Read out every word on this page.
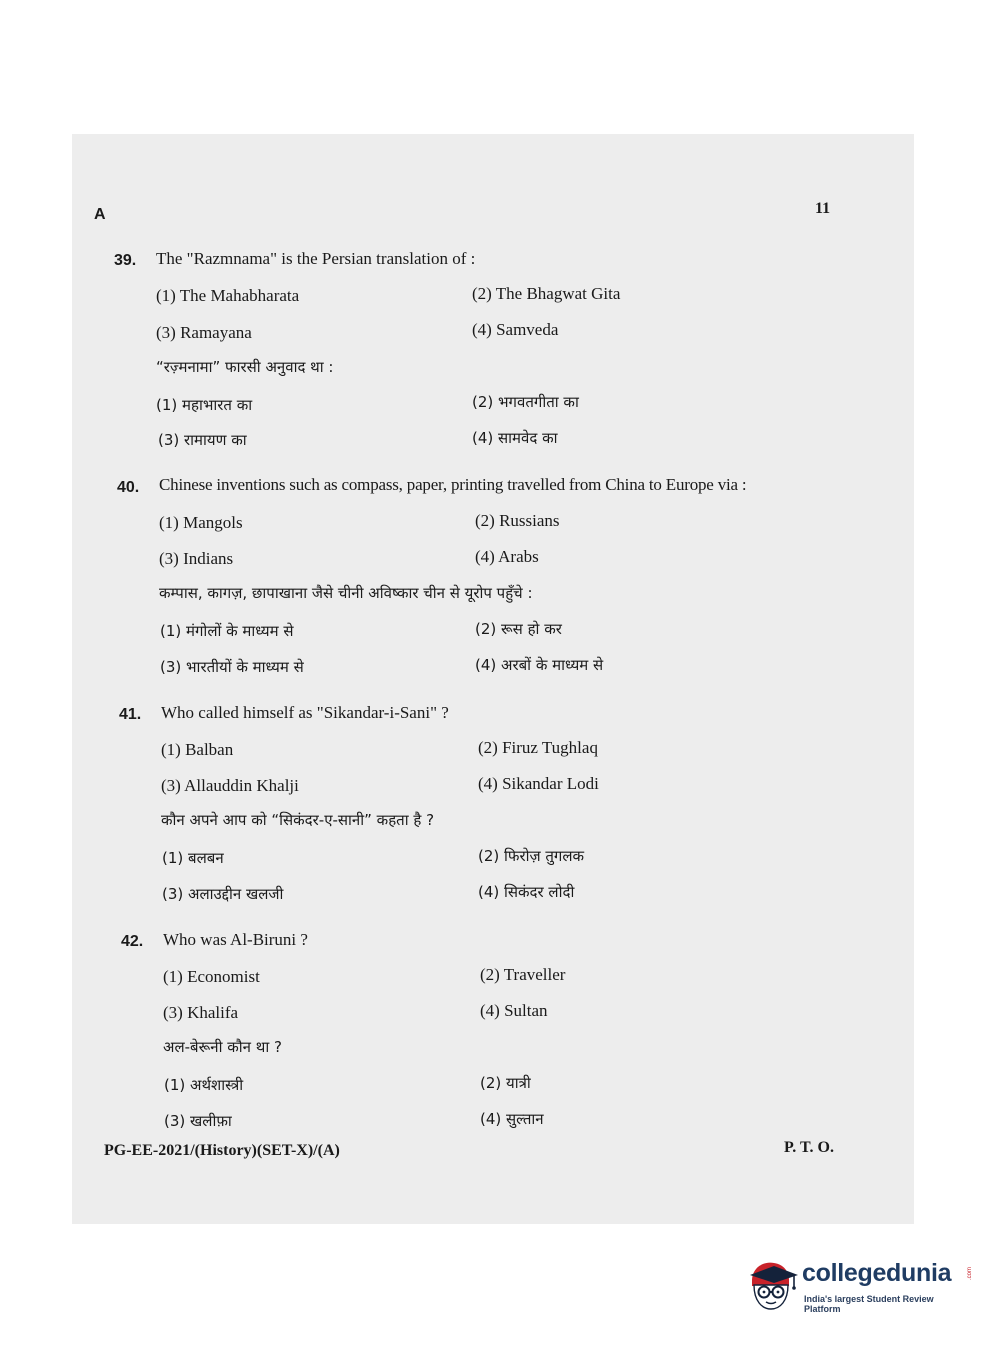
A	11
39. The "Razmnama" is the Persian translation of :
(1) The Mahabharata	(2) The Bhagwat Gita
(3) Ramayana	(4) Samveda
“रज़्मनामा” फारसी अनुवाद था :
(1) महाभारत का	(2) भगवतगीता का
(3) रामायण का	(4) सामवेद का
40. Chinese inventions such as compass, paper, printing travelled from China to Europe via :
(1) Mangols	(2) Russians
(3) Indians	(4) Arabs
कम्पास, कागज़, छापाखाना जैसे चीनी अविष्कार चीन से यूरोप पहुँचे :
(1) मंगोलों के माध्यम से	(2) रूस हो कर
(3) भारतीयों के माध्यम से	(4) अरबों के माध्यम से
41. Who called himself as "Sikandar-i-Sani" ?
(1) Balban	(2) Firuz Tughlaq
(3) Allauddin Khalji	(4) Sikandar Lodi
कौन अपने आप को “सिकंदर-ए-सानी” कहता है ?
(1) बलबन	(2) फिरोज़ तुगलक
(3) अलाउद्दीन खलजी	(4) सिकंदर लोदी
42. Who was Al-Biruni ?
(1) Economist	(2) Traveller
(3) Khalifa	(4) Sultan
अल-बेरूनी कौन था ?
(1) अर्थशास्त्री	(2) यात्री
(3) खलीफ़ा	(4) सुल्तान
PG-EE-2021/(History)(SET-X)/(A)	P. T. O.
collegedunia	.com
India's largest Student Review Platform
